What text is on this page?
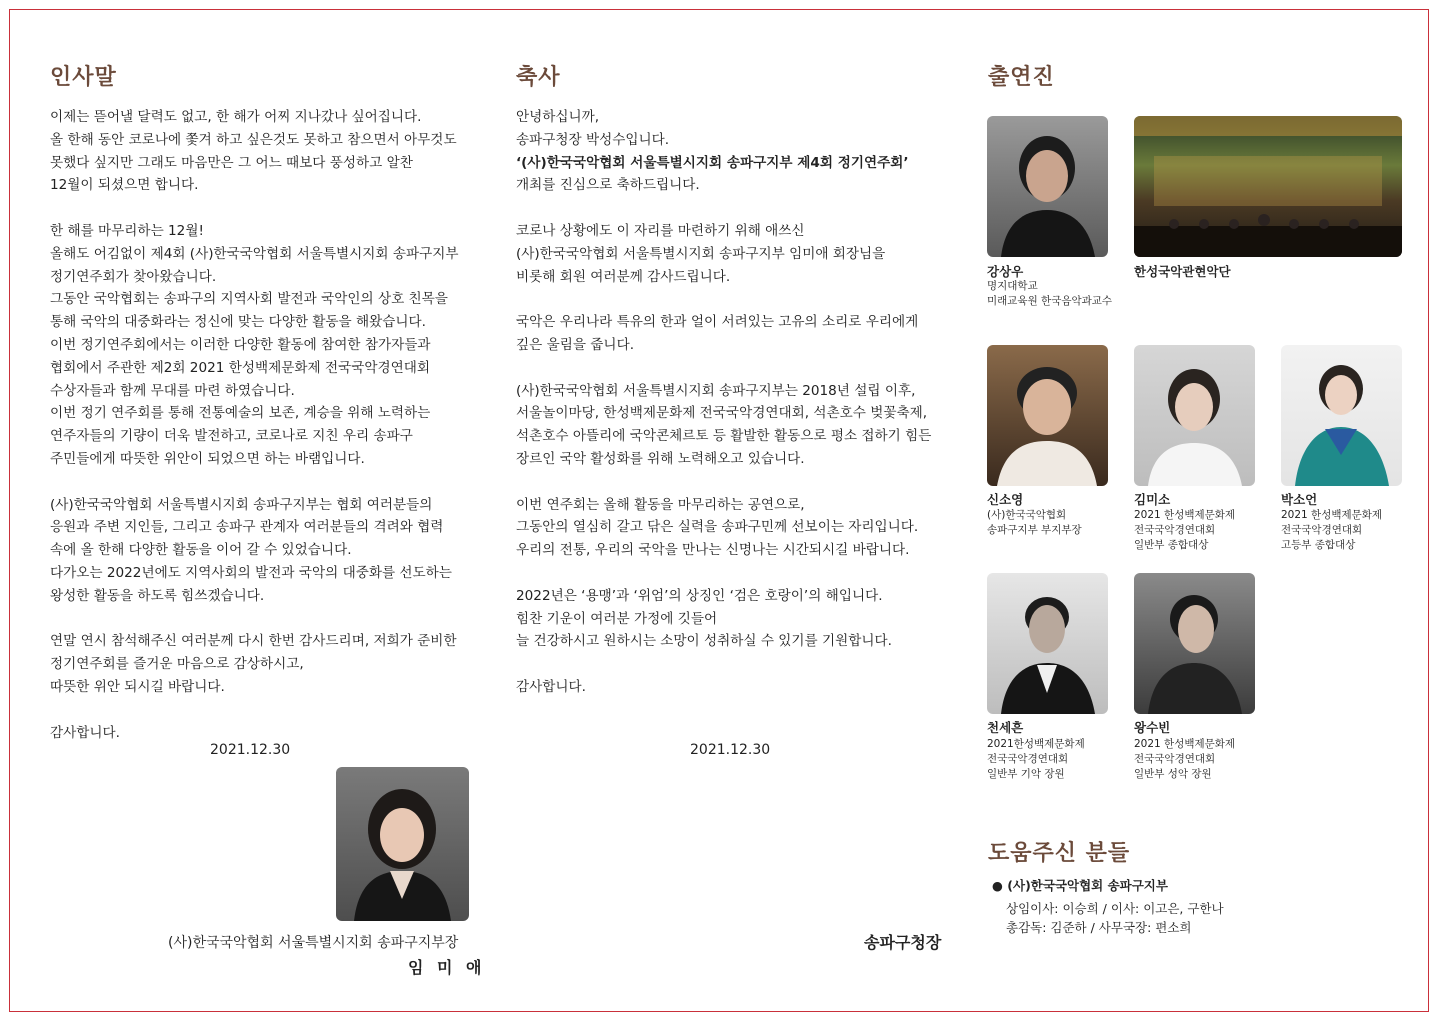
인사말

이제는 뜯어낼 달력도 없고, 한 해가 어찌 지나갔나 싶어집니다.
올 한해 동안 코로나에 쫓겨 하고 싶은것도 못하고 참으면서 아무것도
못했다 싶지만 그래도 마음만은 그 어느 때보다 풍성하고 알찬
12월이 되셨으면 합니다.

한 해를 마무리하는 12월!
올해도 어김없이 제4회 (사)한국국악협회 서울특별시지회 송파구지부
정기연주회가 찾아왔습니다.
그동안 국악협회는 송파구의 지역사회 발전과 국악인의 상호 친목을
통해 국악의 대중화라는 정신에 맞는 다양한 활동을 해왔습니다.
이번 정기연주회에서는 이러한 다양한 활동에 참여한 참가자들과
협회에서 주관한 제2회 2021 한성백제문화제 전국국악경연대회
수상자들과 함께 무대를 마련 하였습니다.
이번 정기 연주회를 통해 전통예술의 보존, 계승을 위해 노력하는
연주자들의 기량이 더욱 발전하고, 코로나로 지친 우리 송파구
주민들에게 따뜻한 위안이 되었으면 하는 바램입니다.

(사)한국국악협회 서울특별시지회 송파구지부는 협회 여러분들의
응원과 주변 지인들, 그리고 송파구 관계자 여러분들의 격려와 협력
속에 올 한해 다양한 활동을 이어 갈 수 있었습니다.
다가오는 2022년에도 지역사회의 발전과 국악의 대중화를 선도하는
왕성한 활동을 하도록 힘쓰겠습니다.

연말 연시 참석해주신 여러분께 다시 한번 감사드리며, 저희가 준비한
정기연주회를 즐거운 마음으로 감상하시고,
따뜻한 위안 되시길 바랍니다.

감사합니다.

2021.12.30
(사)한국국악협회 서울특별시지회 송파구지부장
임 미 애
축사

안녕하십니까,
송파구청장 박성수입니다.

‘(사)한국국악협회 서울특별시지회 송파구지부 제4회 정기연주회’

개최를 진심으로 축하드립니다.

코로나 상황에도 이 자리를 마련하기 위해 애쓰신
(사)한국국악협회 서울특별시지회 송파구지부 임미애 회장님을
비롯해 회원 여러분께 감사드립니다.

국악은 우리나라 특유의 한과 얼이 서려있는 고유의 소리로 우리에게
깊은 울림을 줍니다.

(사)한국국악협회 서울특별시지회 송파구지부는 2018년 설립 이후,
서울놀이마당, 한성백제문화제 전국국악경연대회, 석촌호수 벚꽃축제,
석촌호수 아뜰리에 국악콘체르토 등 활발한 활동으로 평소 접하기 힘든
장르인 국악 활성화를 위해 노력해오고 있습니다.

이번 연주회는 올해 활동을 마무리하는 공연으로,
그동안의 열심히 갈고 닦은 실력을 송파구민께 선보이는 자리입니다.
우리의 전통, 우리의 국악을 만나는 신명나는 시간되시길 바랍니다.

2022년은 ‘용맹’과 ‘위엄’의 상징인 ‘검은 호랑이’의 해입니다.
힘찬 기운이 여러분 가정에 깃들어
늘 건강하시고 원하시는 소망이 성취하실 수 있기를 기원합니다.

감사합니다.

2021.12.30
송파구청장
출연진
강상우
명지대학교
미래교육원 한국음악과교수
한성국악관현악단
신소영
(사)한국국악협회
송파구지부 부지부장
김미소
2021 한성백제문화제
전국국악경연대회
일반부 종합대상
박소언
2021 한성백제문화제
전국국악경연대회
고등부 종합대상
천세흔
2021한성백제문화제
전국국악경연대회
일반부 기악 장원
왕수빈
2021 한성백제문화제
전국국악경연대회
일반부 성악 장원
도움주신 분들
● (사)한국국악협회 송파구지부
상임이사: 이승희 / 이사: 이고은, 구한나
총감독: 김준하 / 사무국장: 편소희
